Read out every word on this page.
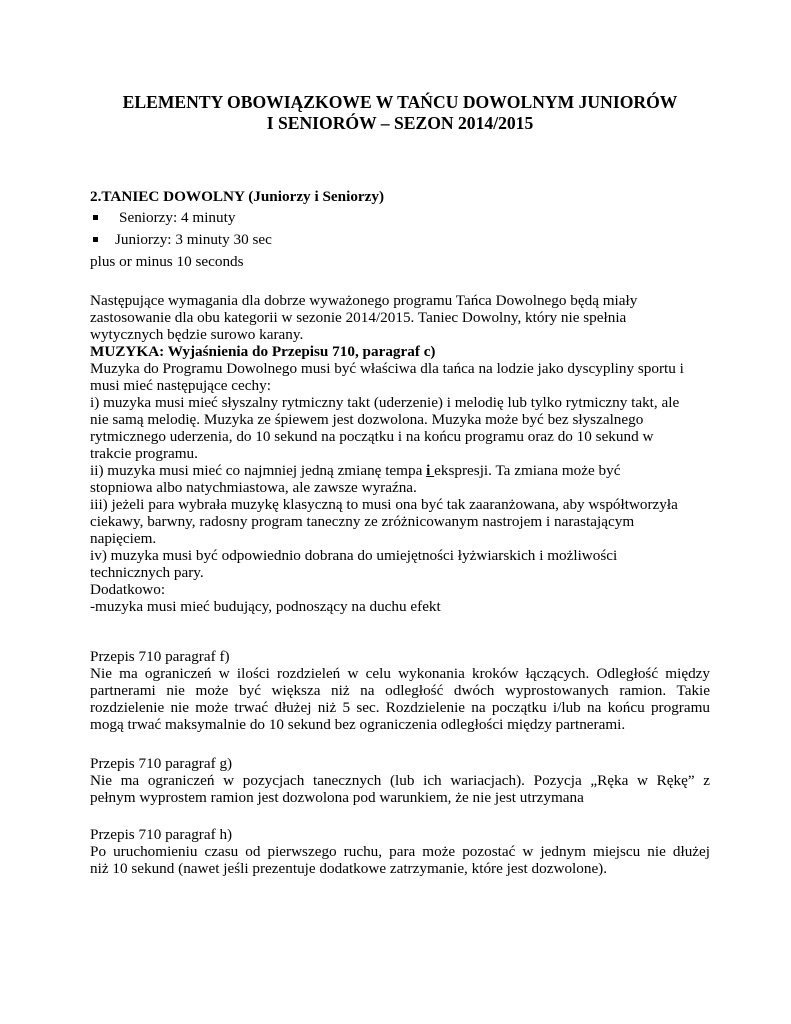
ELEMENTY OBOWIĄZKOWE W TAŃCU DOWOLNYM JUNIORÓW
I SENIORÓW – SEZON 2014/2015
2.TANIEC DOWOLNY (Juniorzy i Seniorzy)
Seniorzy: 4 minuty
Juniorzy: 3 minuty 30 sec
plus or minus 10 seconds
Następujące wymagania dla dobrze wyważonego programu Tańca Dowolnego będą miały
zastosowanie dla obu kategorii w sezonie 2014/2015. Taniec Dowolny, który nie spełnia
wytycznych będzie surowo karany.
MUZYKA: Wyjaśnienia do Przepisu 710, paragraf c)
Muzyka do Programu Dowolnego musi być właściwa dla tańca na lodzie jako dyscypliny sportu i
musi mieć następujące cechy:
i) muzyka musi mieć słyszalny rytmiczny takt (uderzenie) i melodię lub tylko rytmiczny takt, ale
nie samą melodię. Muzyka ze śpiewem jest dozwolona. Muzyka może być bez słyszalnego
rytmicznego uderzenia, do 10 sekund na początku i na końcu programu oraz do 10 sekund w
trakcie programu.
ii) muzyka musi mieć co najmniej jedną zmianę tempa i ekspresji. Ta zmiana może być
stopniowa albo natychmiastowa, ale zawsze wyraźna.
iii) jeżeli para wybrała muzykę klasyczną to musi ona być tak zaaranżowana, aby współtworzyła
ciekawy, barwny, radosny program taneczny ze zróżnicowanym nastrojem i narastającym
napięciem.
iv) muzyka musi być odpowiednio dobrana do umiejętności łyżwiarskich i możliwości
technicznych pary.
Dodatkowo:
-muzyka musi mieć budujący, podnoszący na duchu efekt
Przepis 710 paragraf f)
Nie ma ograniczeń w ilości rozdzieleń w celu wykonania kroków łączących. Odległość między
partnerami nie może być większa niż na odległość dwóch wyprostowanych ramion. Takie
rozdzielenie nie może trwać dłużej niż 5 sec. Rozdzielenie na początku i/lub na końcu programu
mogą trwać maksymalnie do 10 sekund bez ograniczenia odległości między partnerami.
Przepis 710 paragraf g)
Nie ma ograniczeń w pozycjach tanecznych (lub ich wariacjach). Pozycja „Ręka w Rękę” z
pełnym wyprostem ramion jest dozwolona pod warunkiem, że nie jest utrzymana
Przepis 710 paragraf h)
Po uruchomieniu czasu od pierwszego ruchu, para może pozostać w jednym miejscu nie dłużej
niż 10 sekund (nawet jeśli prezentuje dodatkowe zatrzymanie, które jest dozwolone).
